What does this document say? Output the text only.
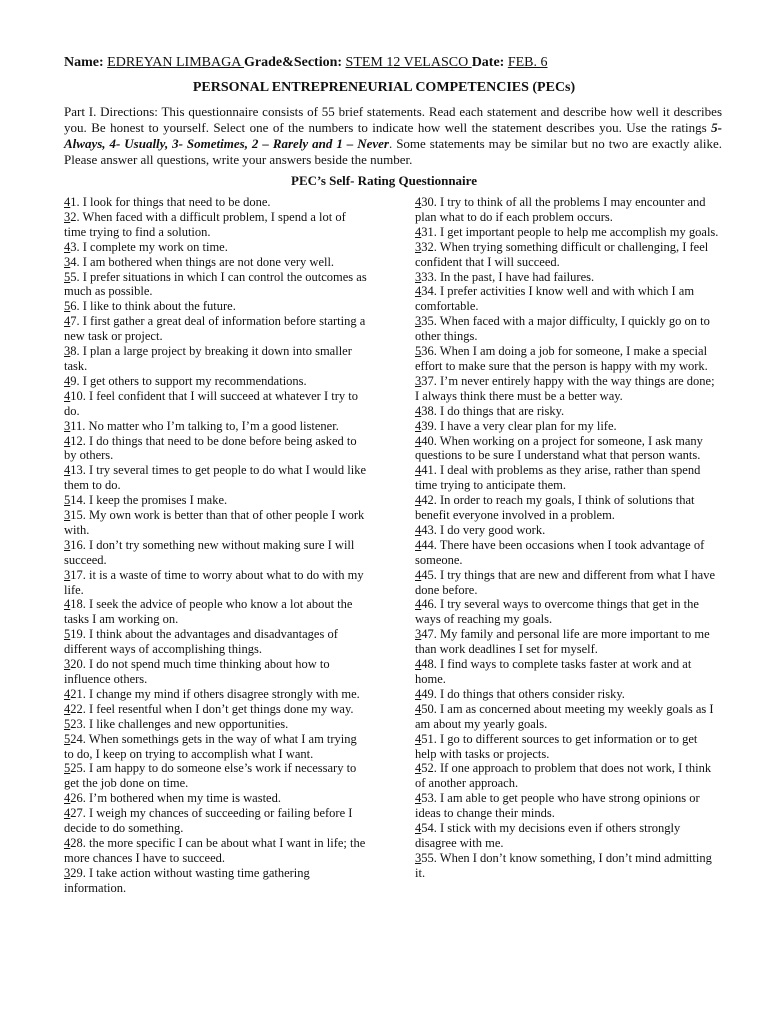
Name: EDREYAN LIMBAGA Grade&Section: STEM 12 VELASCO Date: FEB. 6
PERSONAL ENTREPRENEURIAL COMPETENCIES (PECs)
Part I. Directions: This questionnaire consists of 55 brief statements. Read each statement and describe how well it describes you. Be honest to yourself. Select one of the numbers to indicate how well the statement describes you. Use the ratings 5- Always, 4- Usually, 3- Sometimes, 2 – Rarely and 1 – Never. Some statements may be similar but no two are exactly alike. Please answer all questions, write your answers beside the number.
PEC’s Self- Rating Questionnaire

41. I look for things that need to be done.

32. When faced with a difficult problem, I spend a lot of time trying to find a solution.

43. I complete my work on time.

34. I am bothered when things are not done very well.

55. I prefer situations in which I can control the outcomes as much as possible.

56. I like to think about the future.

47. I first gather a great deal of information before starting a new task or project.

38. I plan a large project by breaking it down into smaller task.

49. I get others to support my recommendations.

410. I feel confident that I will succeed at whatever I try to do.

311. No matter who I’m talking to, I’m a good listener.

412. I do things that need to be done before being asked to by others.

413. I try several times to get people to do what I would like them to do.

514. I keep the promises I make.

315. My own work is better than that of other people I work with.

316. I don’t try something new without making sure I will succeed.

317. it is a waste of time to worry about what to do with my life.

418. I seek the advice of people who know a lot about the tasks I am working on.

519. I think about the advantages and disadvantages of different ways of accomplishing things.

320. I do not spend much time thinking about how to influence others.

421. I change my mind if others disagree strongly with me.

422. I feel resentful when I don’t get things done my way.

523. I like challenges and new opportunities.

524. When somethings gets in the way of what I am trying to do, I keep on trying to accomplish what I want.

525. I am happy to do someone else’s work if necessary to get the job done on time.

426. I’m bothered when my time is wasted.

427. I weigh my chances of succeeding or failing before I decide to do something.

428. the more specific I can be about what I want in life; the more chances I have to succeed.

329. I take action without wasting time gathering information.

430. I try to think of all the problems I may encounter and plan what to do if each problem occurs.

431. I get important people to help me accomplish my goals.

332. When trying something difficult or challenging, I feel confident that I will succeed.

333. In the past, I have had failures.

434. I prefer activities I know well and with which I am comfortable.

335. When faced with a major difficulty, I quickly go on to other things.

536. When I am doing a job for someone, I make a special effort to make sure that the person is happy with my work.

337. I’m never entirely happy with the way things are done; I always think there must be a better way.

438. I do things that are risky.

439. I have a very clear plan for my life.

440. When working on a project for someone, I ask many questions to be sure I understand what that person wants.

441. I deal with problems as they arise, rather than spend time trying to anticipate them.

442. In order to reach my goals, I think of solutions that benefit everyone involved in a problem.

443. I do very good work.

444. There have been occasions when I took advantage of someone.

445. I try things that are new and different from what I have done before.

446. I try several ways to overcome things that get in the ways of reaching my goals.

347. My family and personal life are more important to me than work deadlines I set for myself.

448. I find ways to complete tasks faster at work and at home.

449. I do things that others consider risky.

450. I am as concerned about meeting my weekly goals as I am about my yearly goals.

451. I go to different sources to get information or to get help with tasks or projects.

452. If one approach to problem that does not work, I think of another approach.

453. I am able to get people who have strong opinions or ideas to change their minds.

454. I stick with my decisions even if others strongly disagree with me.

355. When I don’t know something, I don’t mind admitting it.
